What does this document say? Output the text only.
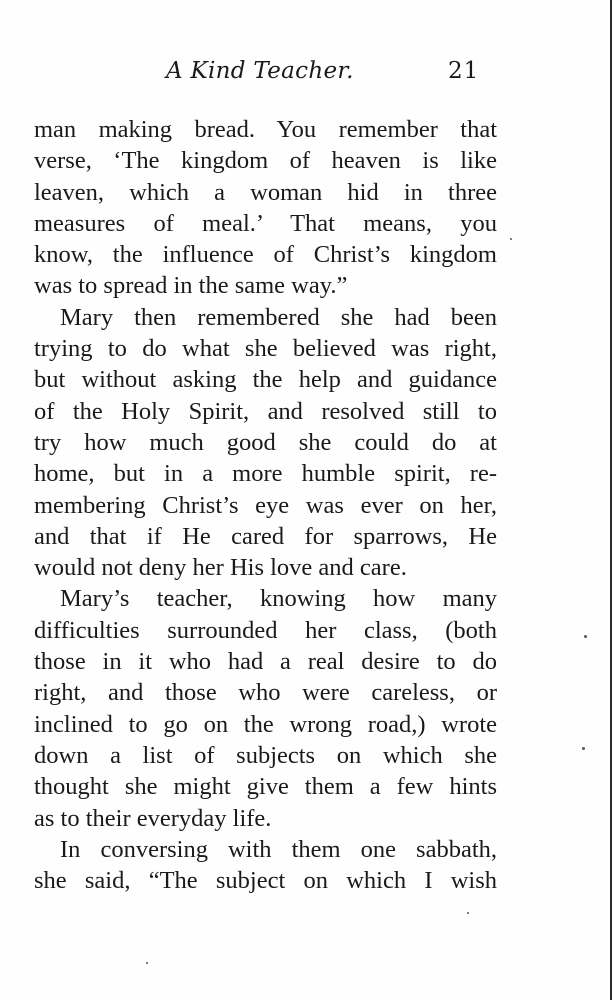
A Kind Teacher.	21
man making bread. You remember that
verse, ‘The kingdom of heaven is like
leaven, which a woman hid in three
measures of meal.’ That means, you
know, the influence of Christ’s kingdom
was to spread in the same way.”
Mary then remembered she had been
trying to do what she believed was right,
but without asking the help and guidance
of the Holy Spirit, and resolved still to
try how much good she could do at
home, but in a more humble spirit, re-
membering Christ’s eye was ever on her,
and that if He cared for sparrows, He
would not deny her His love and care.
Mary’s teacher, knowing how many
difficulties surrounded her class, (both
those in it who had a real desire to do
right, and those who were careless, or
inclined to go on the wrong road,) wrote
down a list of subjects on which she
thought she might give them a few hints
as to their everyday life.
In conversing with them one sabbath,
she said, “The subject on which I wish
